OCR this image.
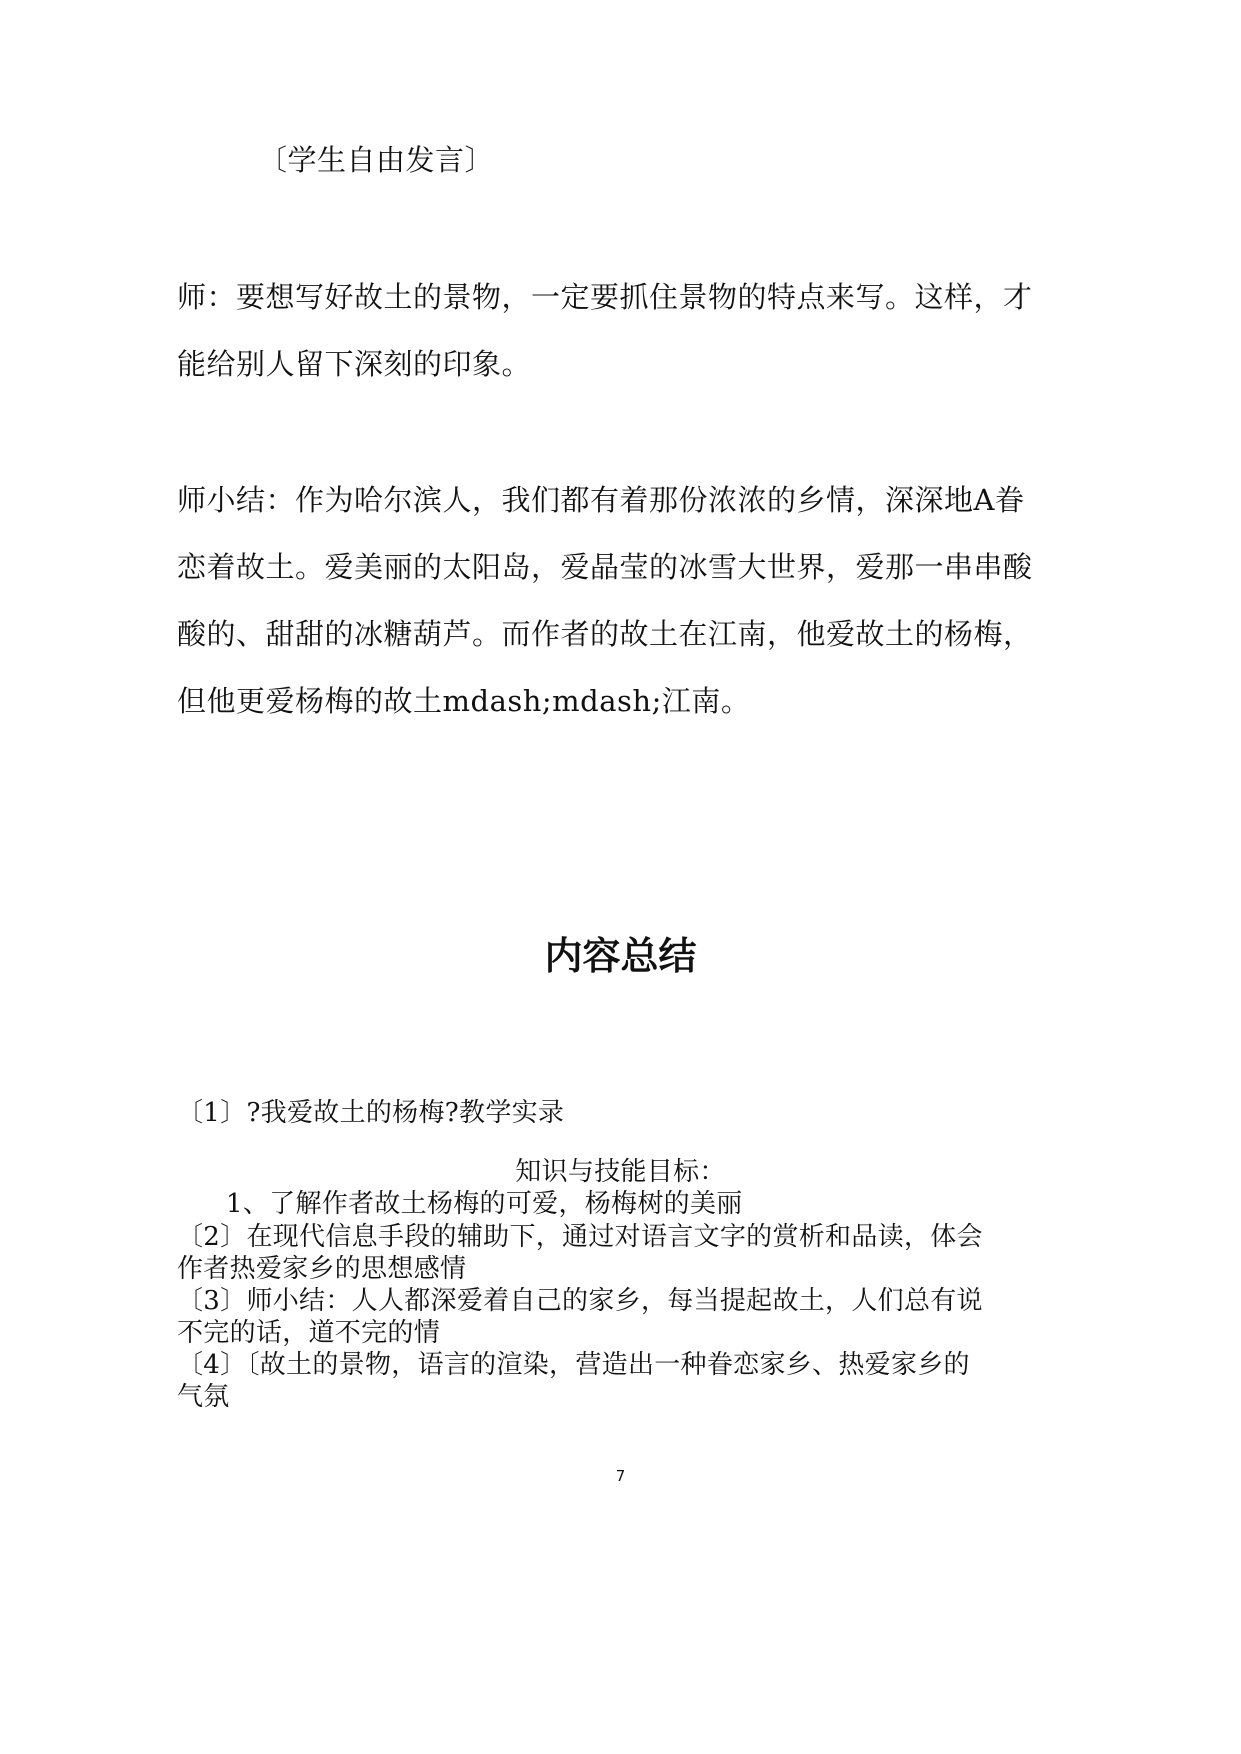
〔学生自由发言〕
师：要想写好故土的景物，一定要抓住景物的特点来写。这样，才
能给别人留下深刻的印象。
师小结：作为哈尔滨人，我们都有着那份浓浓的乡情，深深地A眷
恋着故土。爱美丽的太阳岛，爱晶莹的冰雪大世界，爱那一串串酸
酸的、甜甜的冰糖葫芦。而作者的故土在江南，他爱故土的杨梅，
但他更爱杨梅的故土mdash;mdash;江南。
内容总结
〔1〕?我爱故土的杨梅?教学实录
知识与技能目标：
1、了解作者故土杨梅的可爱，杨梅树的美丽
〔2〕在现代信息手段的辅助下，通过对语言文字的赏析和品读，体会
作者热爱家乡的思想感情
〔3〕师小结：人人都深爱着自己的家乡，每当提起故土，人们总有说
不完的话，道不完的情
〔4〕〔故土的景物，语言的渲染，营造出一种眷恋家乡、热爱家乡的
气氛
7
